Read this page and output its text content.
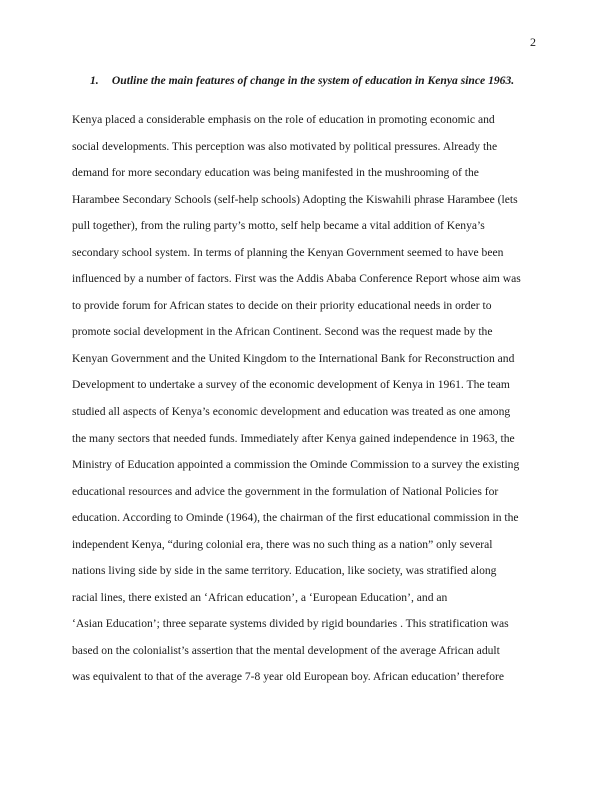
2
1. Outline the main features of change in the system of education in Kenya since 1963.
Kenya placed a considerable emphasis on the role of education in promoting economic and
social developments. This perception was also motivated by political pressures. Already the
demand for more secondary education was being manifested in the mushrooming of the
Harambee Secondary Schools (self-help schools) Adopting the Kiswahili phrase Harambee (lets
pull together), from the ruling party’s motto, self help became a vital addition of Kenya’s
secondary school system. In terms of planning the Kenyan Government seemed to have been
influenced by a number of factors. First was the Addis Ababa Conference Report whose aim was
to provide forum for African states to decide on their priority educational needs in order to
promote social development in the African Continent. Second was the request made by the
Kenyan Government and the United Kingdom to the International Bank for Reconstruction and
Development to undertake a survey of the economic development of Kenya in 1961. The team
studied all aspects of Kenya’s economic development and education was treated as one among
the many sectors that needed funds. Immediately after Kenya gained independence in 1963, the
Ministry of Education appointed a commission the Ominde Commission to a survey the existing
educational resources and advice the government in the formulation of National Policies for
education. According to Ominde (1964), the chairman of the first educational commission in the
independent Kenya, “during colonial era, there was no such thing as a nation” only several
nations living side by side in the same territory. Education, like society, was stratified along
racial lines, there existed an ‘African education’, a ‘European Education’, and an
‘Asian Education’; three separate systems divided by rigid boundaries . This stratification was
based on the colonialist’s assertion that the mental development of the average African adult
was equivalent to that of the average 7-8 year old European boy. African education’ therefore
